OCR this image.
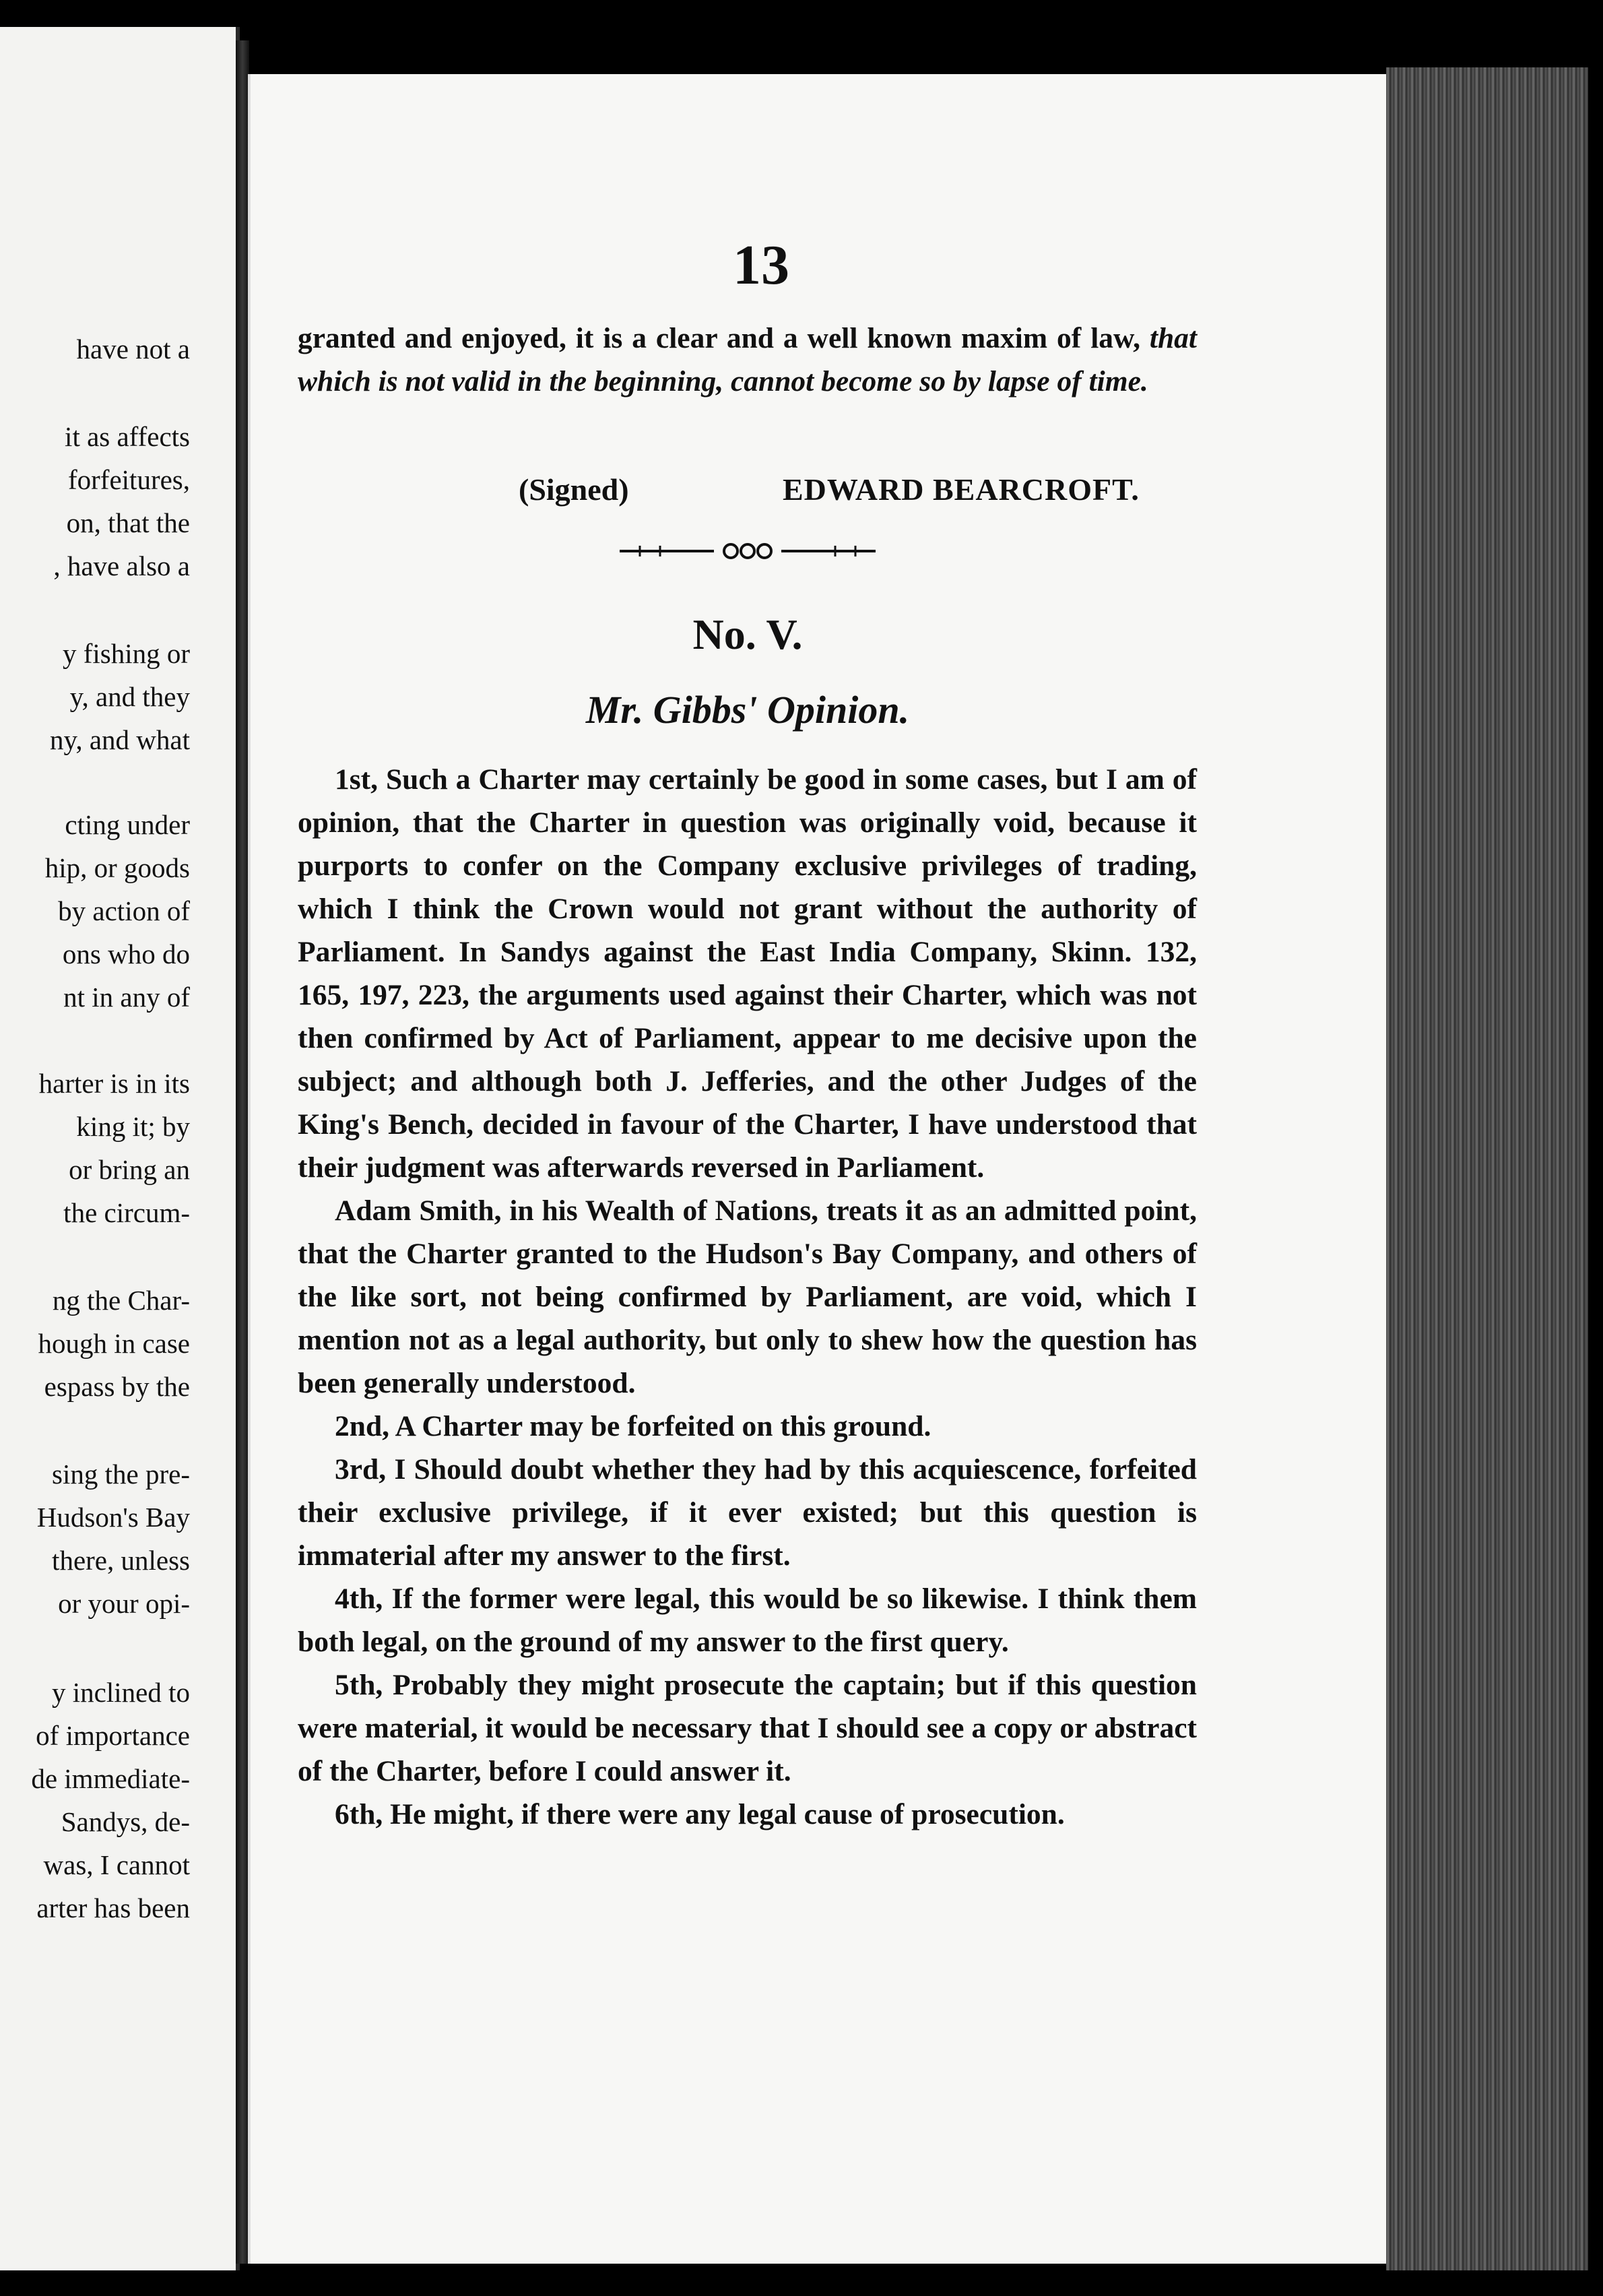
have not a
it as affects
forfeitures,
on, that the
, have also a
y fishing or
y, and they
ny, and what
cting under
hip, or goods
by action of
ons who do
nt in any of
harter is in its
king it; by
or bring an
the circum-
ng the Char-
hough in case
espass by the
sing the pre-
Hudson's Bay
there, unless
or your opi-
y inclined to
of importance
de immediate-
Sandys, de-
was, I cannot
arter has been
13

granted and enjoyed, it is a clear and a well known maxim of law, that which is not valid in the beginning, cannot become so by lapse of time.

(Signed)	EDWARD BEARCROFT.
No. V.
Mr. Gibbs' Opinion.

1st, Such a Charter may certainly be good in some cases, but I am of opinion, that the Charter in question was originally void, because it purports to confer on the Company exclusive privileges of trading, which I think the Crown would not grant without the authority of Parliament. In Sandys against the East India Company, Skinn. 132, 165, 197, 223, the arguments used against their Charter, which was not then confirmed by Act of Parliament, appear to me decisive upon the subject; and although both J. Jefferies, and the other Judges of the King's Bench, decided in favour of the Charter, I have understood that their judgment was afterwards reversed in Parliament.

Adam Smith, in his Wealth of Nations, treats it as an admitted point, that the Charter granted to the Hudson's Bay Company, and others of the like sort, not being confirmed by Parliament, are void, which I mention not as a legal authority, but only to shew how the question has been generally understood.

2nd, A Charter may be forfeited on this ground.

3rd, I Should doubt whether they had by this acquiescence, forfeited their exclusive privilege, if it ever existed; but this question is immaterial after my answer to the first.

4th, If the former were legal, this would be so likewise. I think them both legal, on the ground of my answer to the first query.

5th, Probably they might prosecute the captain; but if this question were material, it would be necessary that I should see a copy or abstract of the Charter, before I could answer it.

6th, He might, if there were any legal cause of prosecution.
